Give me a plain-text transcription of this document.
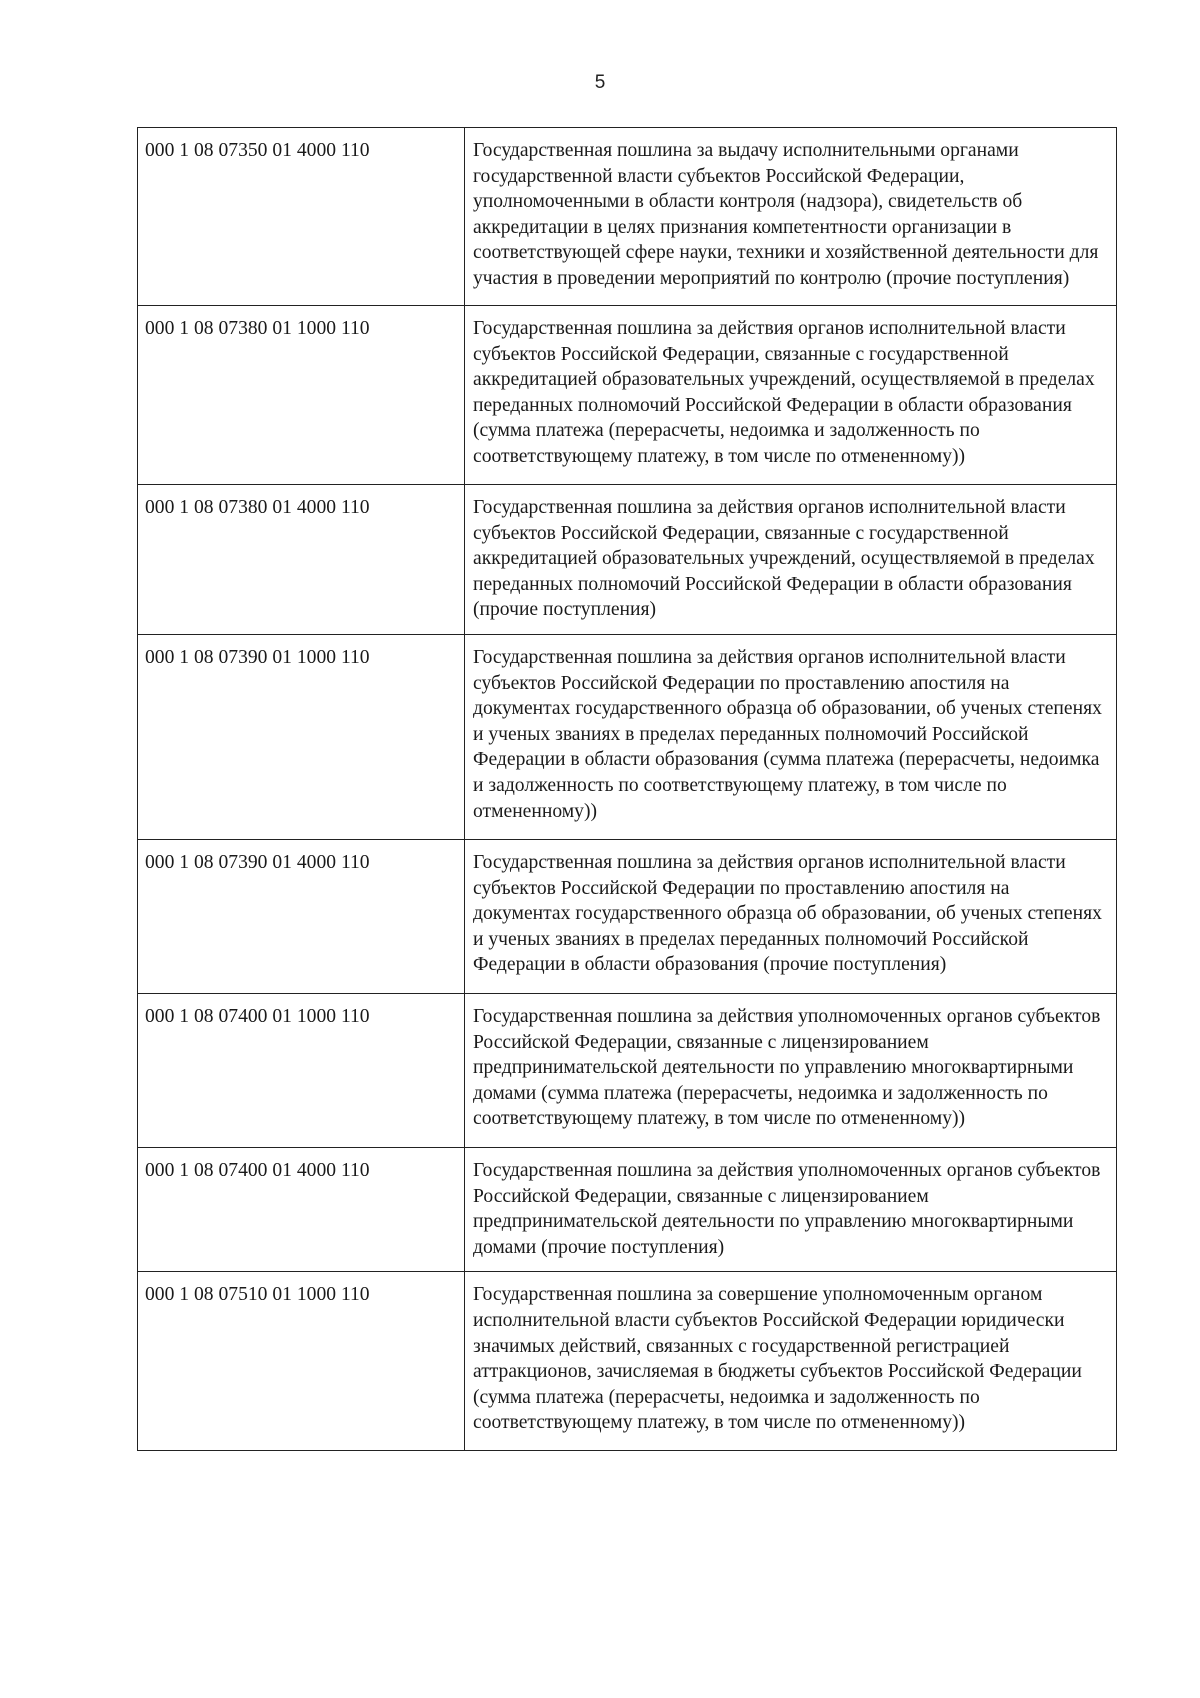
5
000 1 08 07350 01 4000 110	Государственная пошлина за выдачу исполнительными органами государственной власти субъектов Российской Федерации, уполномоченными в области контроля (надзора), свидетельств об аккредитации в целях признания компетентности организации в соответствующей сфере науки, техники и хозяйственной деятельности для участия в проведении мероприятий по контролю (прочие поступления)
000 1 08 07380 01 1000 110	Государственная пошлина за действия органов исполнительной власти субъектов Российской Федерации, связанные с государственной аккредитацией образовательных учреждений, осуществляемой в пределах переданных полномочий Российской Федерации в области образования (сумма платежа (перерасчеты, недоимка и задолженность по соответствующему платежу, в том числе по отмененному))
000 1 08 07380 01 4000 110	Государственная пошлина за действия органов исполнительной власти субъектов Российской Федерации, связанные с государственной аккредитацией образовательных учреждений, осуществляемой в пределах переданных полномочий Российской Федерации в области образования (прочие поступления)
000 1 08 07390 01 1000 110	Государственная пошлина за действия органов исполнительной власти субъектов Российской Федерации по проставлению апостиля на документах государственного образца об образовании, об ученых степенях и ученых званиях в пределах переданных полномочий Российской Федерации в области образования (сумма платежа (перерасчеты, недоимка и задолженность по соответствующему платежу, в том числе по отмененному))
000 1 08 07390 01 4000 110	Государственная пошлина за действия органов исполнительной власти субъектов Российской Федерации по проставлению апостиля на документах государственного образца об образовании, об ученых степенях и ученых званиях в пределах переданных полномочий Российской Федерации в области образования (прочие поступления)
000 1 08 07400 01 1000 110	Государственная пошлина за действия уполномоченных органов субъектов Российской Федерации, связанные с лицензированием предпринимательской деятельности по управлению многоквартирными домами (сумма платежа (перерасчеты, недоимка и задолженность по соответствующему платежу, в том числе по отмененному))
000 1 08 07400 01 4000 110	Государственная пошлина за действия уполномоченных органов субъектов Российской Федерации, связанные с лицензированием предпринимательской деятельности по управлению многоквартирными домами (прочие поступления)
000 1 08 07510 01 1000 110	Государственная пошлина за совершение уполномоченным органом исполнительной власти субъектов Российской Федерации юридически значимых действий, связанных с государственной регистрацией аттракционов, зачисляемая в бюджеты субъектов Российской Федерации (сумма платежа (перерасчеты, недоимка и задолженность по соответствующему платежу, в том числе по отмененному))
